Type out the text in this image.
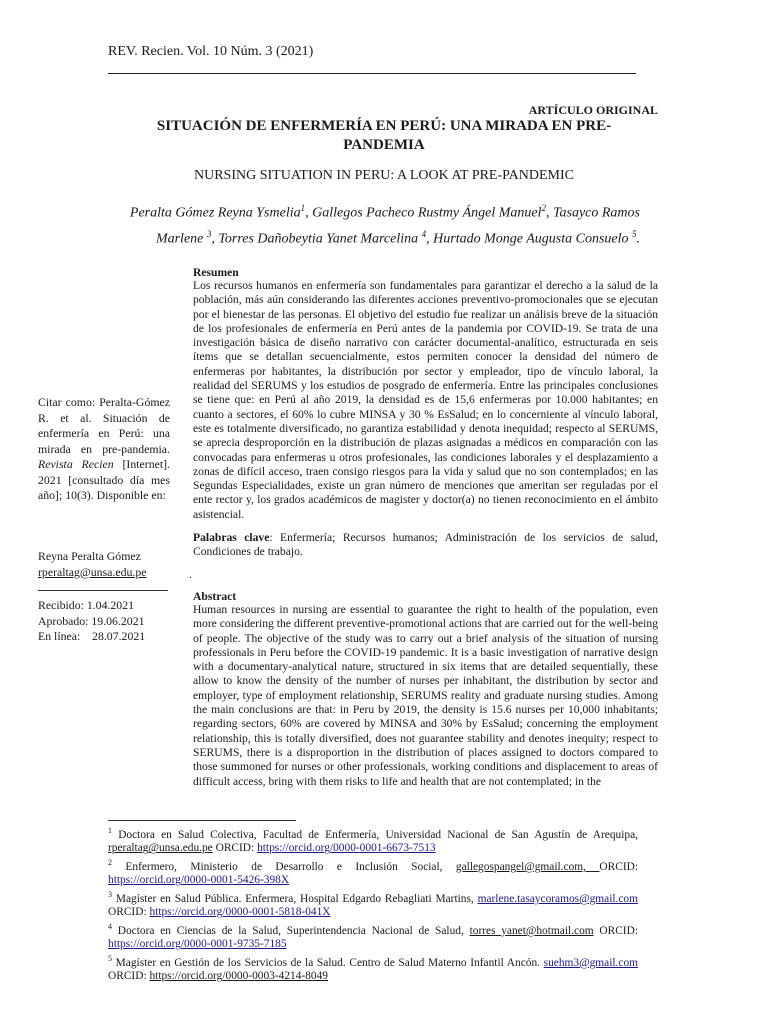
REV. Recien. Vol. 10 Núm. 3 (2021)
ARTÍCULO ORIGINAL
SITUACIÓN DE ENFERMERÍA EN PERÚ: UNA MIRADA EN PRE-PANDEMIA
NURSING SITUATION IN PERU: A LOOK AT PRE-PANDEMIC
Peralta Gómez Reyna Ysmelia$^1$, Gallegos Pacheco Rustmy Ángel Manuel$^2$, Tasayco Ramos Marlene $^3$, Torres Dañobeytia Yanet Marcelina $^4$, Hurtado Monge Augusta Consuelo $^5$.
Citar como: Peralta-Gómez R. et al. Situación de enfermería en Perú: una mirada en pre-pandemia. Revista Recien [Internet]. 2021 [consultado día mes año]; 10(3). Disponible en:
Reyna Peralta Gómez
rperaltag@unsa.edu.pe
Recibido: 1.04.2021
Aprobado: 19.06.2021
En línea:    28.07.2021
Resumen
Los recursos humanos en enfermería son fundamentales para garantizar el derecho a la salud de la población, más aún considerando las diferentes acciones preventivo-promocionales que se ejecutan por el bienestar de las personas. El objetivo del estudio fue realizar un análisis breve de la situación de los profesionales de enfermería en Perú antes de la pandemia por COVID-19. Se trata de una investigación básica de diseño narrativo con carácter documental-analítico, estructurada en seis ítems que se detallan secuencialmente, estos permiten conocer la densidad del número de enfermeras por habitantes, la distribución por sector y empleador, tipo de vínculo laboral, la realidad del SERUMS y los estudios de posgrado de enfermería. Entre las principales conclusiones se tiene que: en Perú al año 2019, la densidad es de 15,6 enfermeras por 10.000 habitantes; en cuanto a sectores, el 60% lo cubre MINSA y 30 % EsSalud; en lo concerniente al vínculo laboral, este es totalmente diversificado, no garantiza estabilidad y denota inequidad; respecto al SERUMS, se aprecia desproporción en la distribución de plazas asignadas a médicos en comparación con las convocadas para enfermeras u otros profesionales, las condiciones laborales y el desplazamiento a zonas de difícil acceso, traen consigo riesgos para la vida y salud que no son contemplados; en las Segundas Especialidades, existe un gran número de menciones que ameritan ser reguladas por el ente rector y, los grados académicos de magister y doctor(a) no tienen reconocimiento en el ámbito asistencial.
Palabras clave: Enfermería; Recursos humanos; Administración de los servicios de salud, Condiciones de trabajo.
.
Abstract
Human resources in nursing are essential to guarantee the right to health of the population, even more considering the different preventive-promotional actions that are carried out for the well-being of people. The objective of the study was to carry out a brief analysis of the situation of nursing professionals in Peru before the COVID-19 pandemic. It is a basic investigation of narrative design with a documentary-analytical nature, structured in six items that are detailed sequentially, these allow to know the density of the number of nurses per inhabitant, the distribution by sector and employer, type of employment relationship, SERUMS reality and graduate nursing studies. Among the main conclusions are that: in Peru by 2019, the density is 15.6 nurses per 10,000 inhabitants; regarding sectors, 60% are covered by MINSA and 30% by EsSalud; concerning the employment relationship, this is totally diversified, does not guarantee stability and denotes inequity; respect to SERUMS, there is a disproportion in the distribution of places assigned to doctors compared to those summoned for nurses or other professionals, working conditions and displacement to areas of difficult access, bring with them risks to life and health that are not contemplated; in the
$^1$ Doctora en Salud Colectiva, Facultad de Enfermería, Universidad Nacional de San Agustín de Arequipa, rperaltag@unsa.edu.pe ORCID: https://orcid.org/0000-0001-6673-7513
$^2$ Enfermero, Ministerio de Desarrollo e Inclusión Social, gallegospangel@gmail.com, ORCID: https://orcid.org/0000-0001-5426-398X
$^3$ Magíster en Salud Pública. Enfermera, Hospital Edgardo Rebagliati Martins, marlene.tasaycoramos@gmail.com ORCID: https://orcid.org/0000-0001-5818-041X
$^4$ Doctora en Ciencias de la Salud, Superintendencia Nacional de Salud, torres_yanet@hotmail.com ORCID: https://orcid.org/0000-0001-9735-7185
$^5$ Magíster en Gestión de los Servicios de la Salud. Centro de Salud Materno Infantil Ancón. suehm3@gmail.com ORCID: https://orcid.org/0000-0003-4214-8049
